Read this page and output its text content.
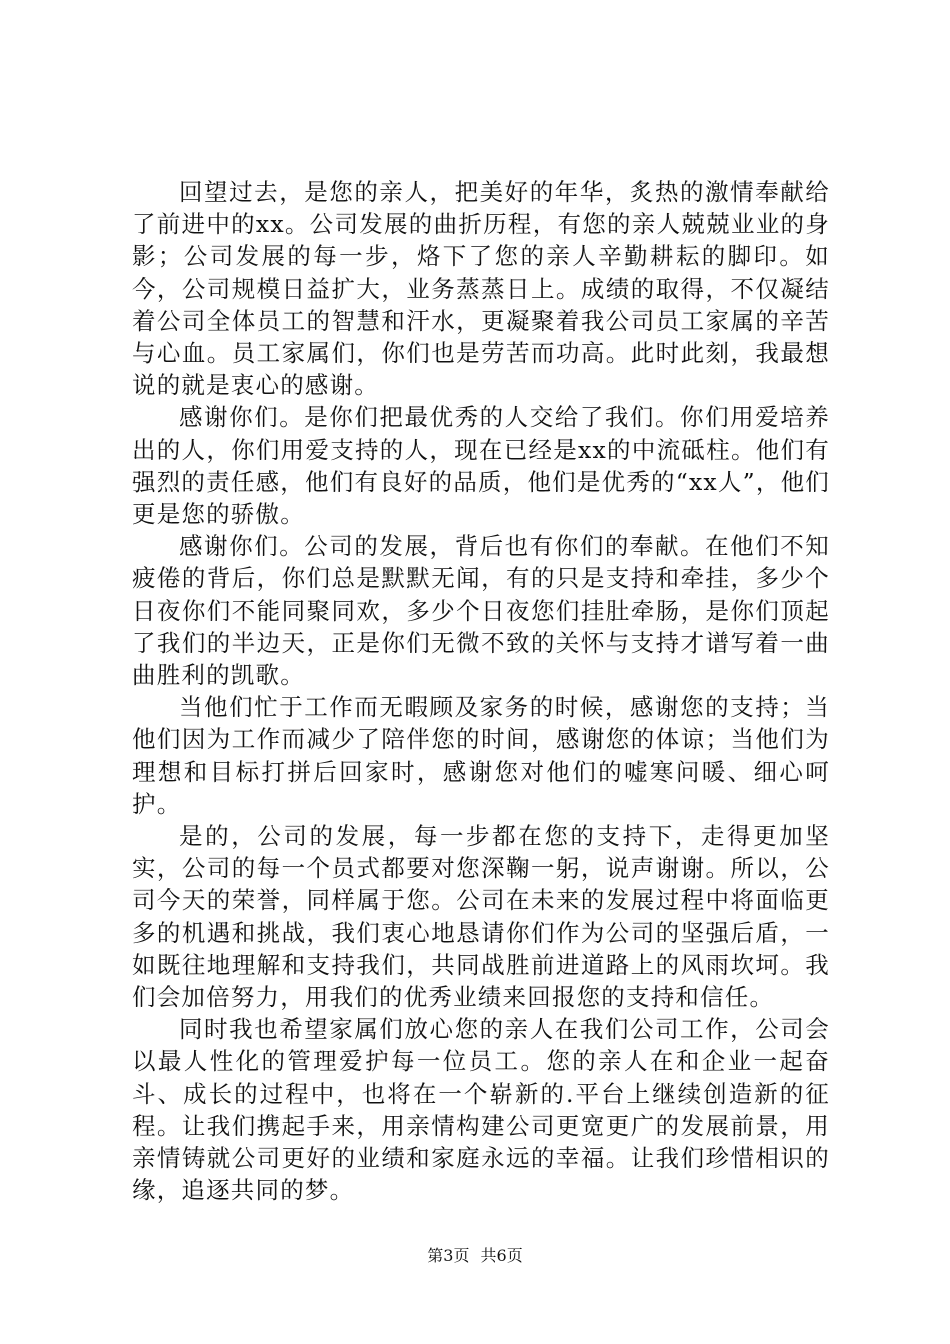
回望过去，是您的亲人，把美好的年华，炙热的激情奉献给了前进中的xx。公司发展的曲折历程，有您的亲人兢兢业业的身影；公司发展的每一步，烙下了您的亲人辛勤耕耘的脚印。如今，公司规模日益扩大，业务蒸蒸日上。成绩的取得，不仅凝结着公司全体员工的智慧和汗水，更凝聚着我公司员工家属的辛苦与心血。员工家属们，你们也是劳苦而功高。此时此刻，我最想说的就是衷心的感谢。

感谢你们。是你们把最优秀的人交给了我们。你们用爱培养出的人，你们用爱支持的人，现在已经是xx的中流砥柱。他们有强烈的责任感，他们有良好的品质，他们是优秀的“xx人”，他们更是您的骄傲。

感谢你们。公司的发展，背后也有你们的奉献。在他们不知疲倦的背后，你们总是默默无闻，有的只是支持和牵挂，多少个日夜你们不能同聚同欢，多少个日夜您们挂肚牵肠，是你们顶起了我们的半边天，正是你们无微不致的关怀与支持才谱写着一曲曲胜利的凯歌。

当他们忙于工作而无暇顾及家务的时候，感谢您的支持；当他们因为工作而减少了陪伴您的时间，感谢您的体谅；当他们为理想和目标打拼后回家时，感谢您对他们的嘘寒问暖、细心呵护。

是的，公司的发展，每一步都在您的支持下，走得更加坚实，公司的每一个员式都要对您深鞠一躬，说声谢谢。所以，公司今天的荣誉，同样属于您。公司在未来的发展过程中将面临更多的机遇和挑战，我们衷心地恳请你们作为公司的坚强后盾，一如既往地理解和支持我们，共同战胜前进道路上的风雨坎坷。我们会加倍努力，用我们的优秀业绩来回报您的支持和信任。

同时我也希望家属们放心您的亲人在我们公司工作，公司会以最人性化的管理爱护每一位员工。您的亲人在和企业一起奋斗、成长的过程中，也将在一个崭新的.平台上继续创造新的征程。让我们携起手来，用亲情构建公司更宽更广的发展前景，用亲情铸就公司更好的业绩和家庭永远的幸福。让我们珍惜相识的缘，追逐共同的梦。

第3页 共6页
